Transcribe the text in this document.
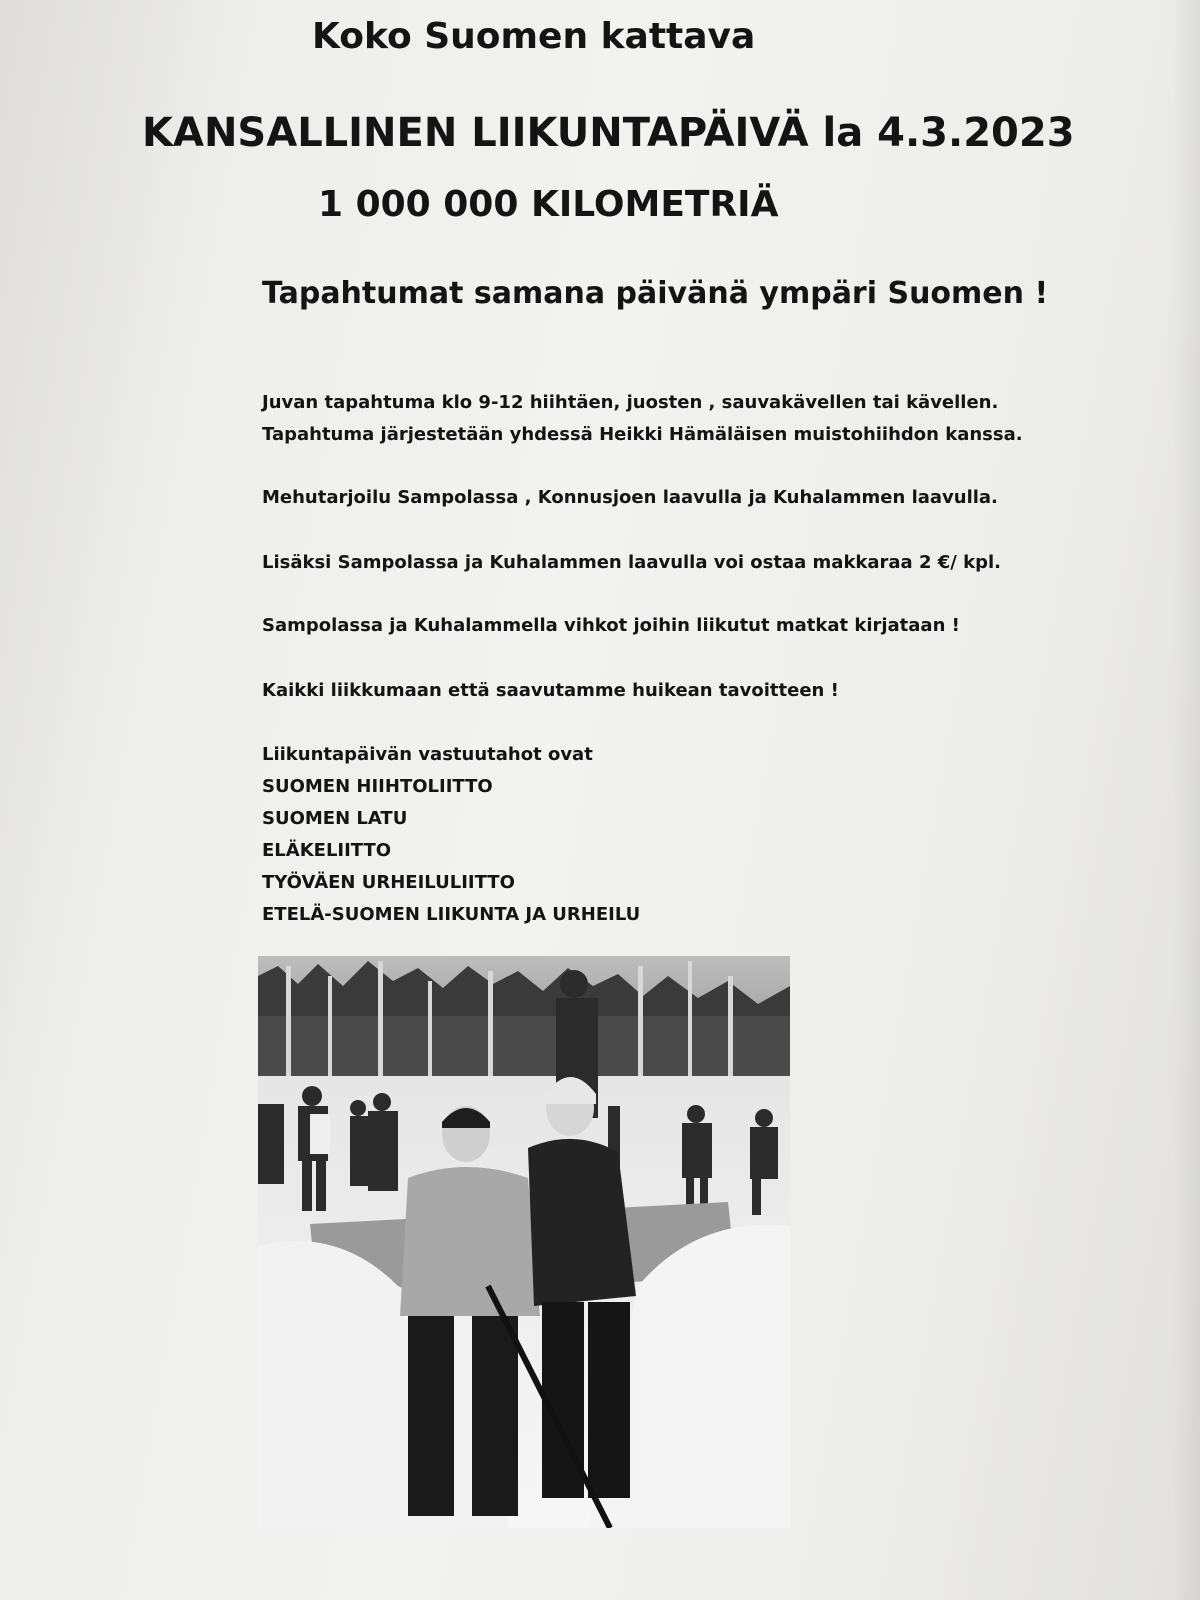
Koko Suomen kattava

KANSALLINEN LIIKUNTAPÄIVÄ la 4.3.2023

1 000 000 KILOMETRIÄ

Tapahtumat samana päivänä ympäri Suomen !

Juvan tapahtuma klo 9-12 hiihtäen, juosten , sauvakävellen tai kävellen.

Tapahtuma järjestetään yhdessä Heikki Hämäläisen muistohiihdon kanssa.

Mehutarjoilu Sampolassa , Konnusjoen laavulla ja Kuhalammen laavulla.

Lisäksi Sampolassa ja Kuhalammen laavulla voi ostaa makkaraa 2 €/ kpl.

Sampolassa ja Kuhalammella vihkot joihin liikutut matkat kirjataan !

Kaikki liikkumaan että saavutamme huikean tavoitteen !

Liikuntapäivän vastuutahot ovat

SUOMEN HIIHTOLIITTO

SUOMEN LATU

ELÄKELIITTO

TYÖVÄEN URHEILULIITTO

ETELÄ-SUOMEN LIIKUNTA JA URHEILU
